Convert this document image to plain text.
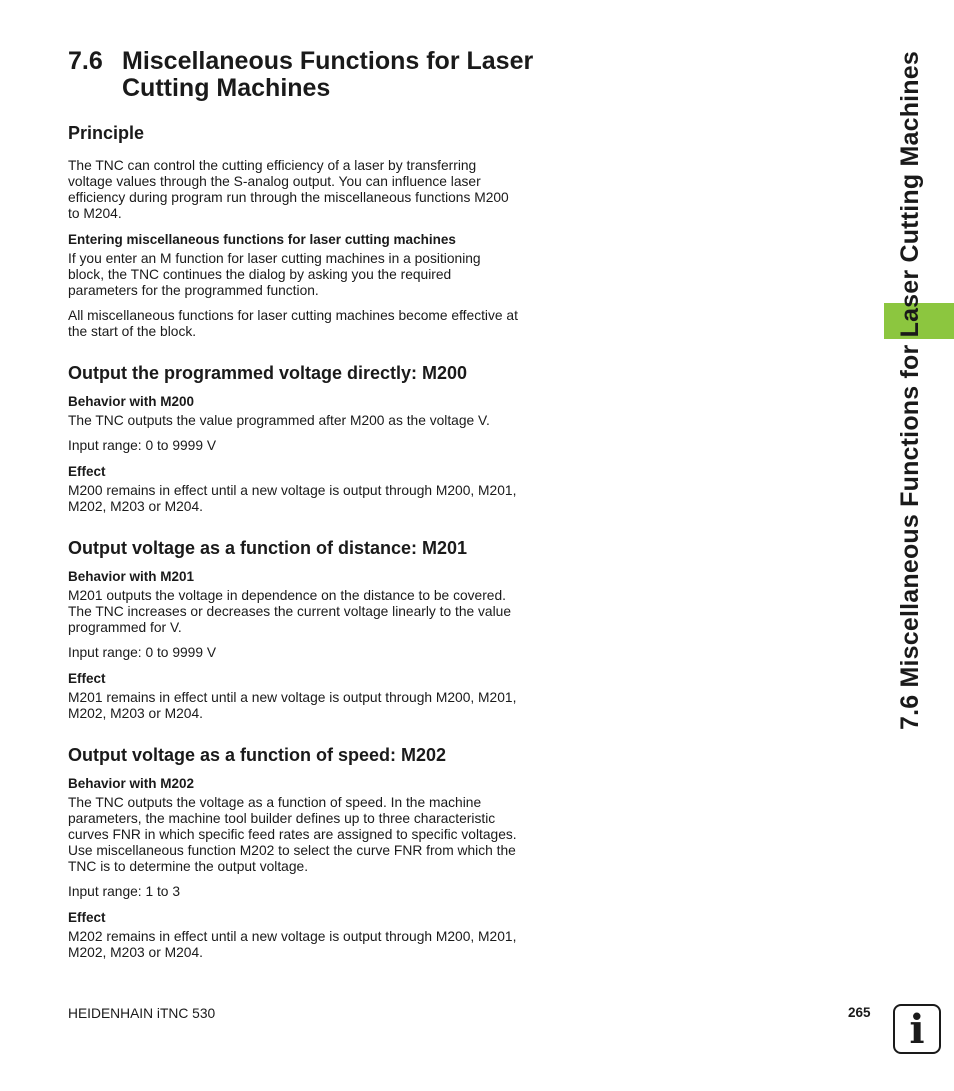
7.6 Miscellaneous Functions for Laser Cutting Machines
Principle

The TNC can control the cutting efficiency of a laser by transferring voltage values through the S-analog output. You can influence laser efficiency during program run through the miscellaneous functions M200 to M204.

Entering miscellaneous functions for laser cutting machines

If you enter an M function for laser cutting machines in a positioning block, the TNC continues the dialog by asking you the required parameters for the programmed function.

All miscellaneous functions for laser cutting machines become effective at the start of the block.

Output the programmed voltage directly: M200
Behavior with M200

The TNC outputs the value programmed after M200 as the voltage V.

Input range: 0 to 9999 V

Effect

M200 remains in effect until a new voltage is output through M200, M201, M202, M203 or M204.

Output voltage as a function of distance: M201
Behavior with M201

M201 outputs the voltage in dependence on the distance to be covered. The TNC increases or decreases the current voltage linearly to the value programmed for V.

Input range: 0 to 9999 V

Effect

M201 remains in effect until a new voltage is output through M200, M201, M202, M203 or M204.

Output voltage as a function of speed: M202
Behavior with M202

The TNC outputs the voltage as a function of speed. In the machine parameters, the machine tool builder defines up to three characteristic curves FNR in which specific feed rates are assigned to specific voltages. Use miscellaneous function M202 to select the curve FNR from which the TNC is to determine the output voltage.

Input range: 1 to 3

Effect

M202 remains in effect until a new voltage is output through M200, M201, M202, M203 or M204.

7.6 Miscellaneous Functions for Laser Cutting Machines
HEIDENHAIN iTNC 530	265 i
